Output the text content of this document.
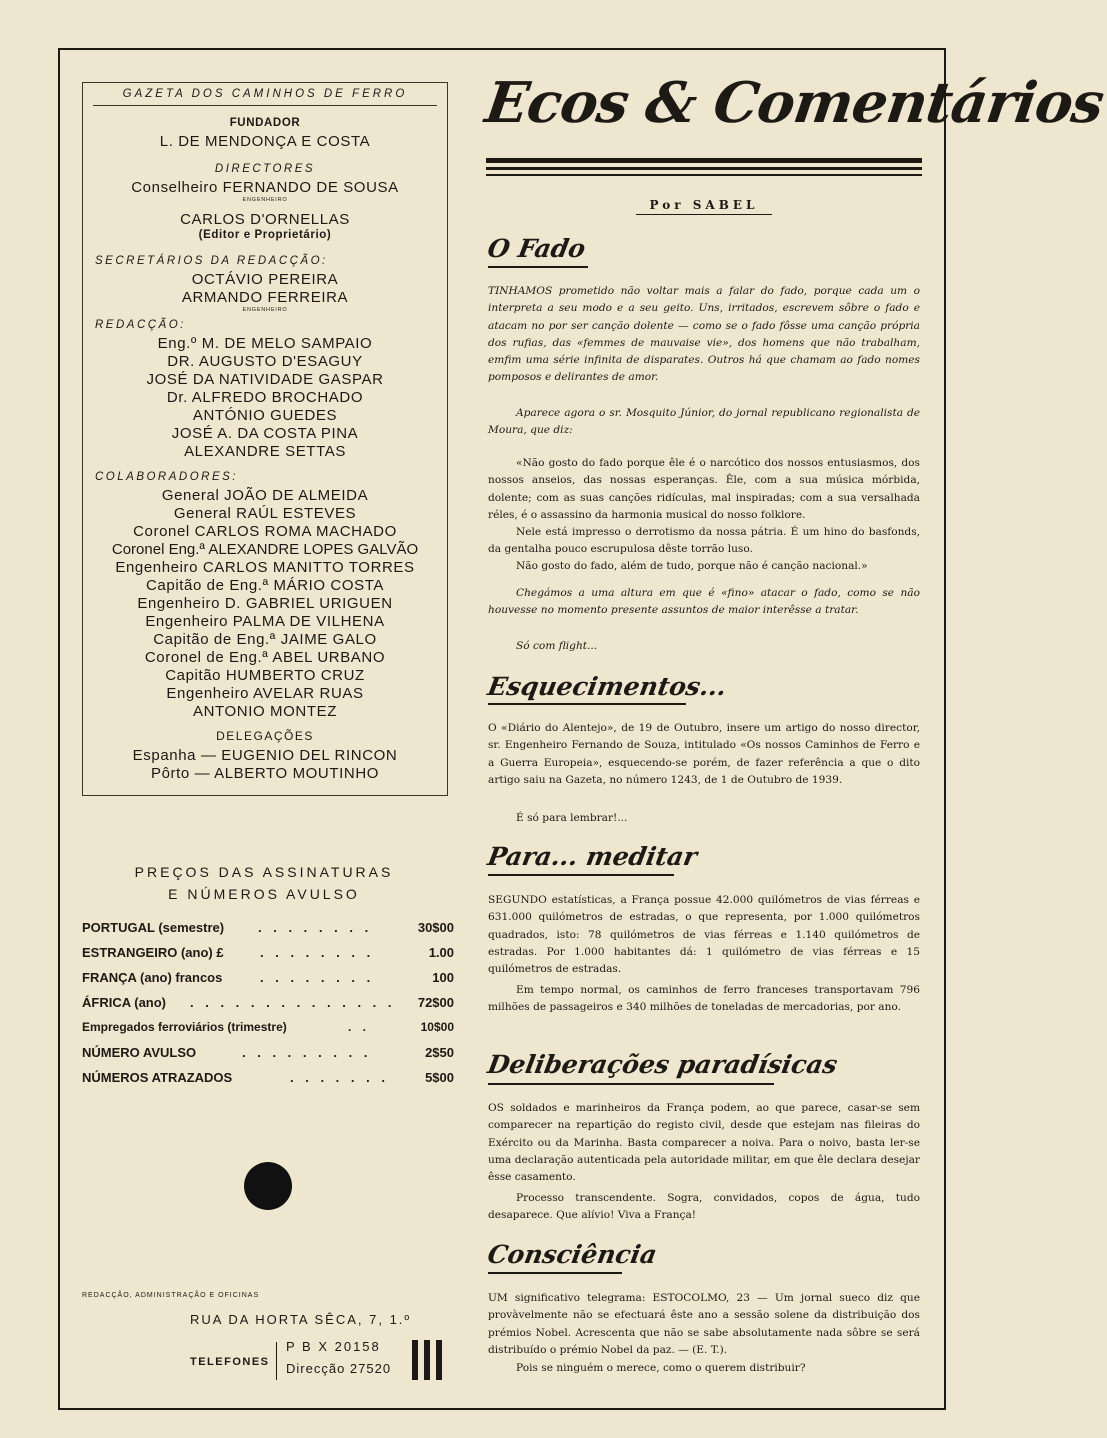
GAZETA DOS CAMINHOS DE FERRO
FUNDADOR
L. DE MENDONÇA E COSTA
DIRECTORES
Conselheiro FERNANDO DE SOUSA
ENGENHEIRO
CARLOS D'ORNELLAS
(Editor e Proprietário)
SECRETÁRIOS DA REDACÇÃO:
OCTÁVIO PEREIRA
ARMANDO FERREIRA
ENGENHEIRO
REDACÇÃO:
Eng.º M. DE MELO SAMPAIO
DR. AUGUSTO D'ESAGUY
JOSÉ DA NATIVIDADE GASPAR
Dr. ALFREDO BROCHADO
ANTÓNIO GUEDES
JOSÉ A. DA COSTA PINA
ALEXANDRE SETTAS
COLABORADORES:
General JOÃO DE ALMEIDA
General RAÚL ESTEVES
Coronel CARLOS ROMA MACHADO
Coronel Eng.ª ALEXANDRE LOPES GALVÃO
Engenheiro CARLOS MANITTO TORRES
Capitão de Eng.ª MÁRIO COSTA
Engenheiro D. GABRIEL URIGUEN
Engenheiro PALMA DE VILHENA
Capitão de Eng.ª JAIME GALO
Coronel de Eng.ª ABEL URBANO
Capitão HUMBERTO CRUZ
Engenheiro AVELAR RUAS
ANTONIO MONTEZ
DELEGAÇÕES
Espanha — EUGENIO DEL RINCON
Pôrto — ALBERTO MOUTINHO
PREÇOS DAS ASSINATURAS
E NÚMEROS AVULSO
PORTUGAL (semestre)	. . . . . . . .	30$00
ESTRANGEIRO (ano) £	. . . . . . . .	1.00
FRANÇA (ano) francos	. . . . . . . .	100
ÁFRICA (ano) . . . . . . . . . . . . . . 72$00
Empregados ferroviários (trimestre)	. .	10$00
NÚMERO AVULSO	. . . . . . . . .	2$50
NÚMEROS ATRAZADOS	. . . . . . .	5$00
REDACÇÃO, ADMINISTRAÇÃO E OFICINAS
RUA DA HORTA SÊCA, 7, 1.º
TELEFONES
P B X 20158
Direcção 27520
Ecos & Comentários
Por SABEL
O Fado
TINHAMOS prometido não voltar mais a falar do fado, porque cada um o interpreta a seu modo e a seu geito. Uns, irritados, escrevem sôbre o fado e atacam no por ser canção dolente — como se o fado fôsse uma canção própria dos rufias, das «femmes de mauvaise vie», dos homens que não trabalham, emfim uma série infinita de disparates. Outros há que chamam ao fado nomes pomposos e delirantes de amor.
Aparece agora o sr. Mosquito Júnior, do jornal republicano regionalista de Moura, que diz:
«Não gosto do fado porque êle é o narcótico dos nossos entusiasmos, dos nossos anseios, das nossas esperanças. Êle, com a sua música mórbida, dolente; com as suas canções ridículas, mal inspiradas; com a sua versalhada réles, é o assassino da harmonia musical do nosso folklore.
Nele está impresso o derrotismo da nossa pátria. É um hino do basfonds, da gentalha pouco escrupulosa dêste torrão luso.
Não gosto do fado, além de tudo, porque não é canção nacional.»
Chegámos a uma altura em que é «fino» atacar o fado, como se não houvesse no momento presente assuntos de maior interêsse a tratar.
Só com flight...
Esquecimentos...
O «Diário do Alentejo», de 19 de Outubro, insere um artigo do nosso director, sr. Engenheiro Fernando de Souza, intitulado «Os nossos Caminhos de Ferro e a Guerra Europeia», esquecendo-se porém, de fazer referência a que o dito artigo saiu na Gazeta, no número 1243, de 1 de Outubro de 1939.
É só para lembrar!...
Para... meditar
SEGUNDO estatísticas, a França possue 42.000 quilómetros de vias férreas e 631.000 quilómetros de estradas, o que representa, por 1.000 quilómetros quadrados, isto: 78 quilómetros de vias férreas e 1.140 quilómetros de estradas. Por 1.000 habitantes dá: 1 quilómetro de vias férreas e 15 quilómetros de estradas.
Em tempo normal, os caminhos de ferro franceses transportavam 796 milhões de passageiros e 340 milhões de toneladas de mercadorias, por ano.
Deliberações paradísicas
OS soldados e marinheiros da França podem, ao que parece, casar-se sem comparecer na repartição do registo civil, desde que estejam nas fileiras do Exército ou da Marinha. Basta comparecer a noiva. Para o noivo, basta ler-se uma declaração autenticada pela autoridade militar, em que êle declara desejar êsse casamento.
Processo transcendente. Sogra, convidados, copos de água, tudo desaparece. Que alívio! Viva a França!
Consciência
UM significativo telegrama: ESTOCOLMO, 23 — Um jornal sueco diz que provàvelmente não se efectuará êste ano a sessão solene da distribuição dos prémios Nobel. Acrescenta que não se sabe absolutamente nada sôbre se será distribuído o prémio Nobel da paz. — (E. T.).
Pois se ninguém o merece, como o querem distribuir?
